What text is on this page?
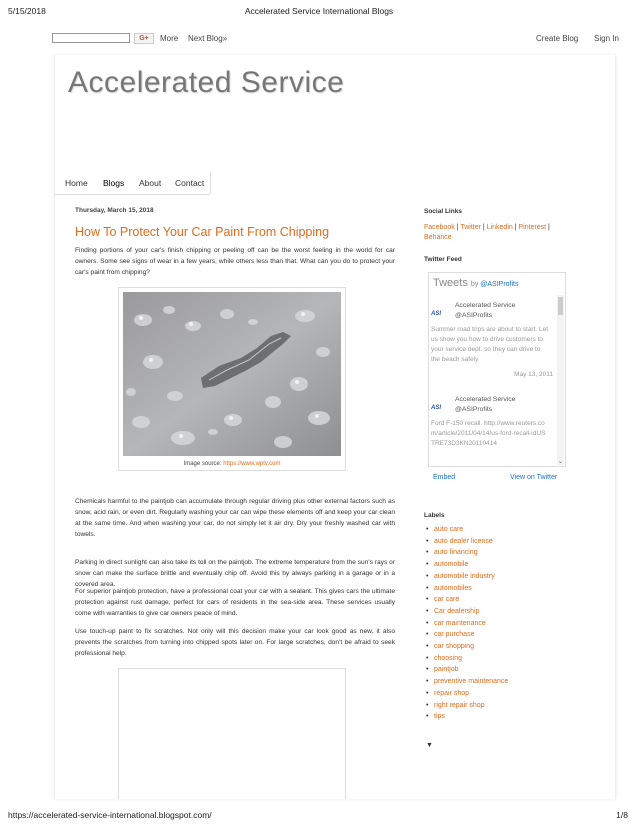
5/15/2018	Accelerated Service International Blogs
G+	More Next Blog»	Create Blog Sign In
Accelerated Service
Home Blogs About Contact
Thursday, March 15, 2018
How To Protect Your Car Paint From Chipping
Finding portions of your car's finish chipping or peeling off can be the worst feeling in the world for car owners. Some see signs of wear in a few years, while others less than that. What can you do to protect your car's paint from chipping?
Image source: https://www.wptv.com
Chemicals harmful to the paintjob can accumulate through regular driving plus other external factors such as snow, acid rain, or even dirt. Regularly washing your car can wipe these elements off and keep your car clean at the same time. And when washing your car, do not simply let it air dry. Dry your freshly washed car with towels.
Parking in direct sunlight can also take its toll on the paintjob. The extreme temperature from the sun's rays or snow can make the surface brittle and eventually chip off. Avoid this by always parking in a garage or in a covered area.
For superior paintjob protection, have a professional coat your car with a sealant. This gives cars the ultimate protection against rust damage, perfect for cars of residents in the sea-side area. These services usually come with warranties to give car owners peace of mind.
Use touch-up paint to fix scratches. Not only will this decision make your car look good as new, it also prevents the scratches from turning into chipped spots later on. For large scratches, don't be afraid to seek professional help.
Social Links
Facebook | Twitter | Linkedin | Pinterest | Behance
Twitter Feed
Tweets by @ASIProfits
ASI
Accelerated Service
@ASIProfits
Summer road trips are about to start. Let us show you how to drive customers to your service dept. so they can drive to the beach safely
May 13, 2011
ASI
Accelerated Service
@ASIProfits
Ford F-150 recall. http://www.reuters.com/article/2011/04/14/us-ford-recall-idUSTRE73D3KN20110414
⌄
Embed	View on Twitter
Labels
• auto care
• auto dealer license
• auto financing
• automobile
• automobile industry
• automobiles
• car care
• Car dealership
• car maintenance
• car purchase
• car shopping
• choosing
• paintjob
• preventive maintenance
• repair shop
• right repair shop
• tips
▼
https://accelerated-service-international.blogspot.com/	1/8
